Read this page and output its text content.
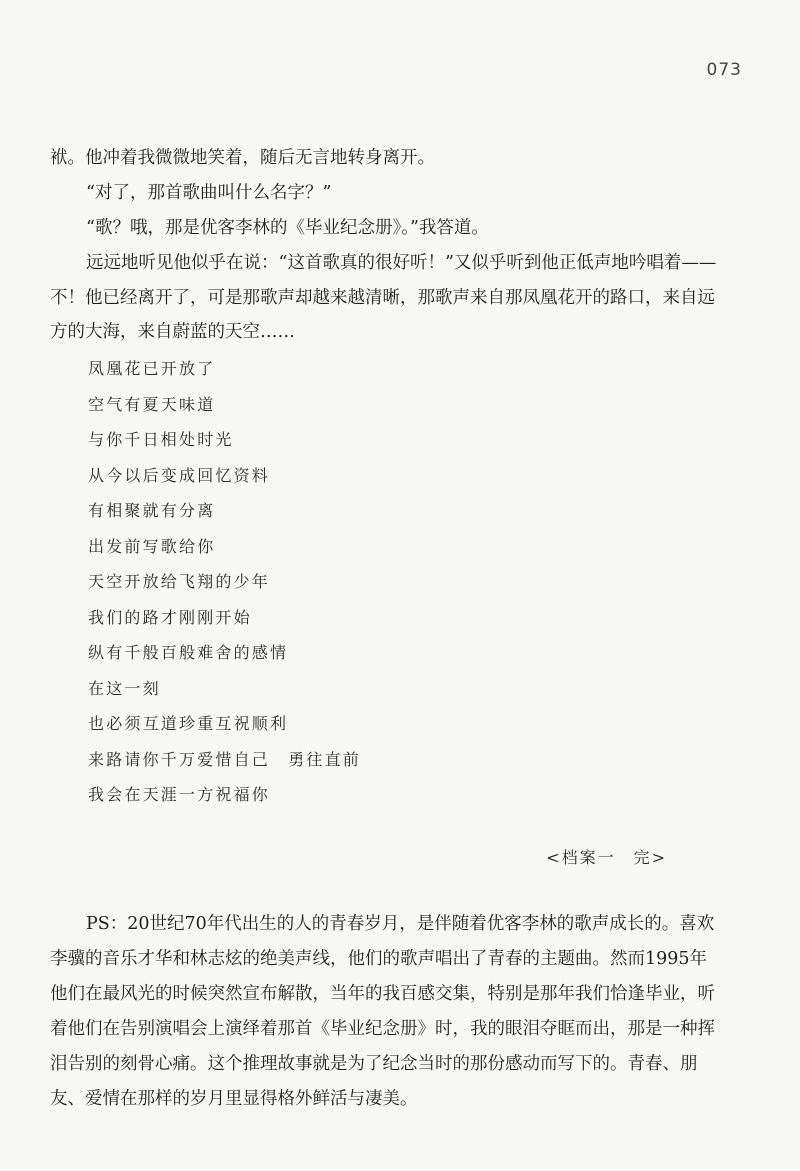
073
袱。他冲着我微微地笑着，随后无言地转身离开。
“对了，那首歌曲叫什么名字？”
“歌？哦，那是优客李林的《毕业纪念册》。”我答道。
远远地听见他似乎在说：“这首歌真的很好听！”又似乎听到他正低声地吟唱着——不！他已经离开了，可是那歌声却越来越清晰，那歌声来自那凤凰花开的路口，来自远方的大海，来自蔚蓝的天空……
凤凰花已开放了
空气有夏天味道
与你千日相处时光
从今以后变成回忆资料
有相聚就有分离
出发前写歌给你
天空开放给飞翔的少年
我们的路才刚刚开始
纵有千般百般难舍的感情
在这一刻
也必须互道珍重互祝顺利
来路请你千万爱惜自己　勇往直前
我会在天涯一方祝福你
<档案一　完>
PS：20世纪70年代出生的人的青春岁月，是伴随着优客李林的歌声成长的。喜欢李骥的音乐才华和林志炫的绝美声线，他们的歌声唱出了青春的主题曲。然而1995年他们在最风光的时候突然宣布解散，当年的我百感交集，特别是那年我们恰逢毕业，听着他们在告别演唱会上演绎着那首《毕业纪念册》时，我的眼泪夺眶而出，那是一种挥泪告别的刻骨心痛。这个推理故事就是为了纪念当时的那份感动而写下的。青春、朋友、爱情在那样的岁月里显得格外鲜活与凄美。
